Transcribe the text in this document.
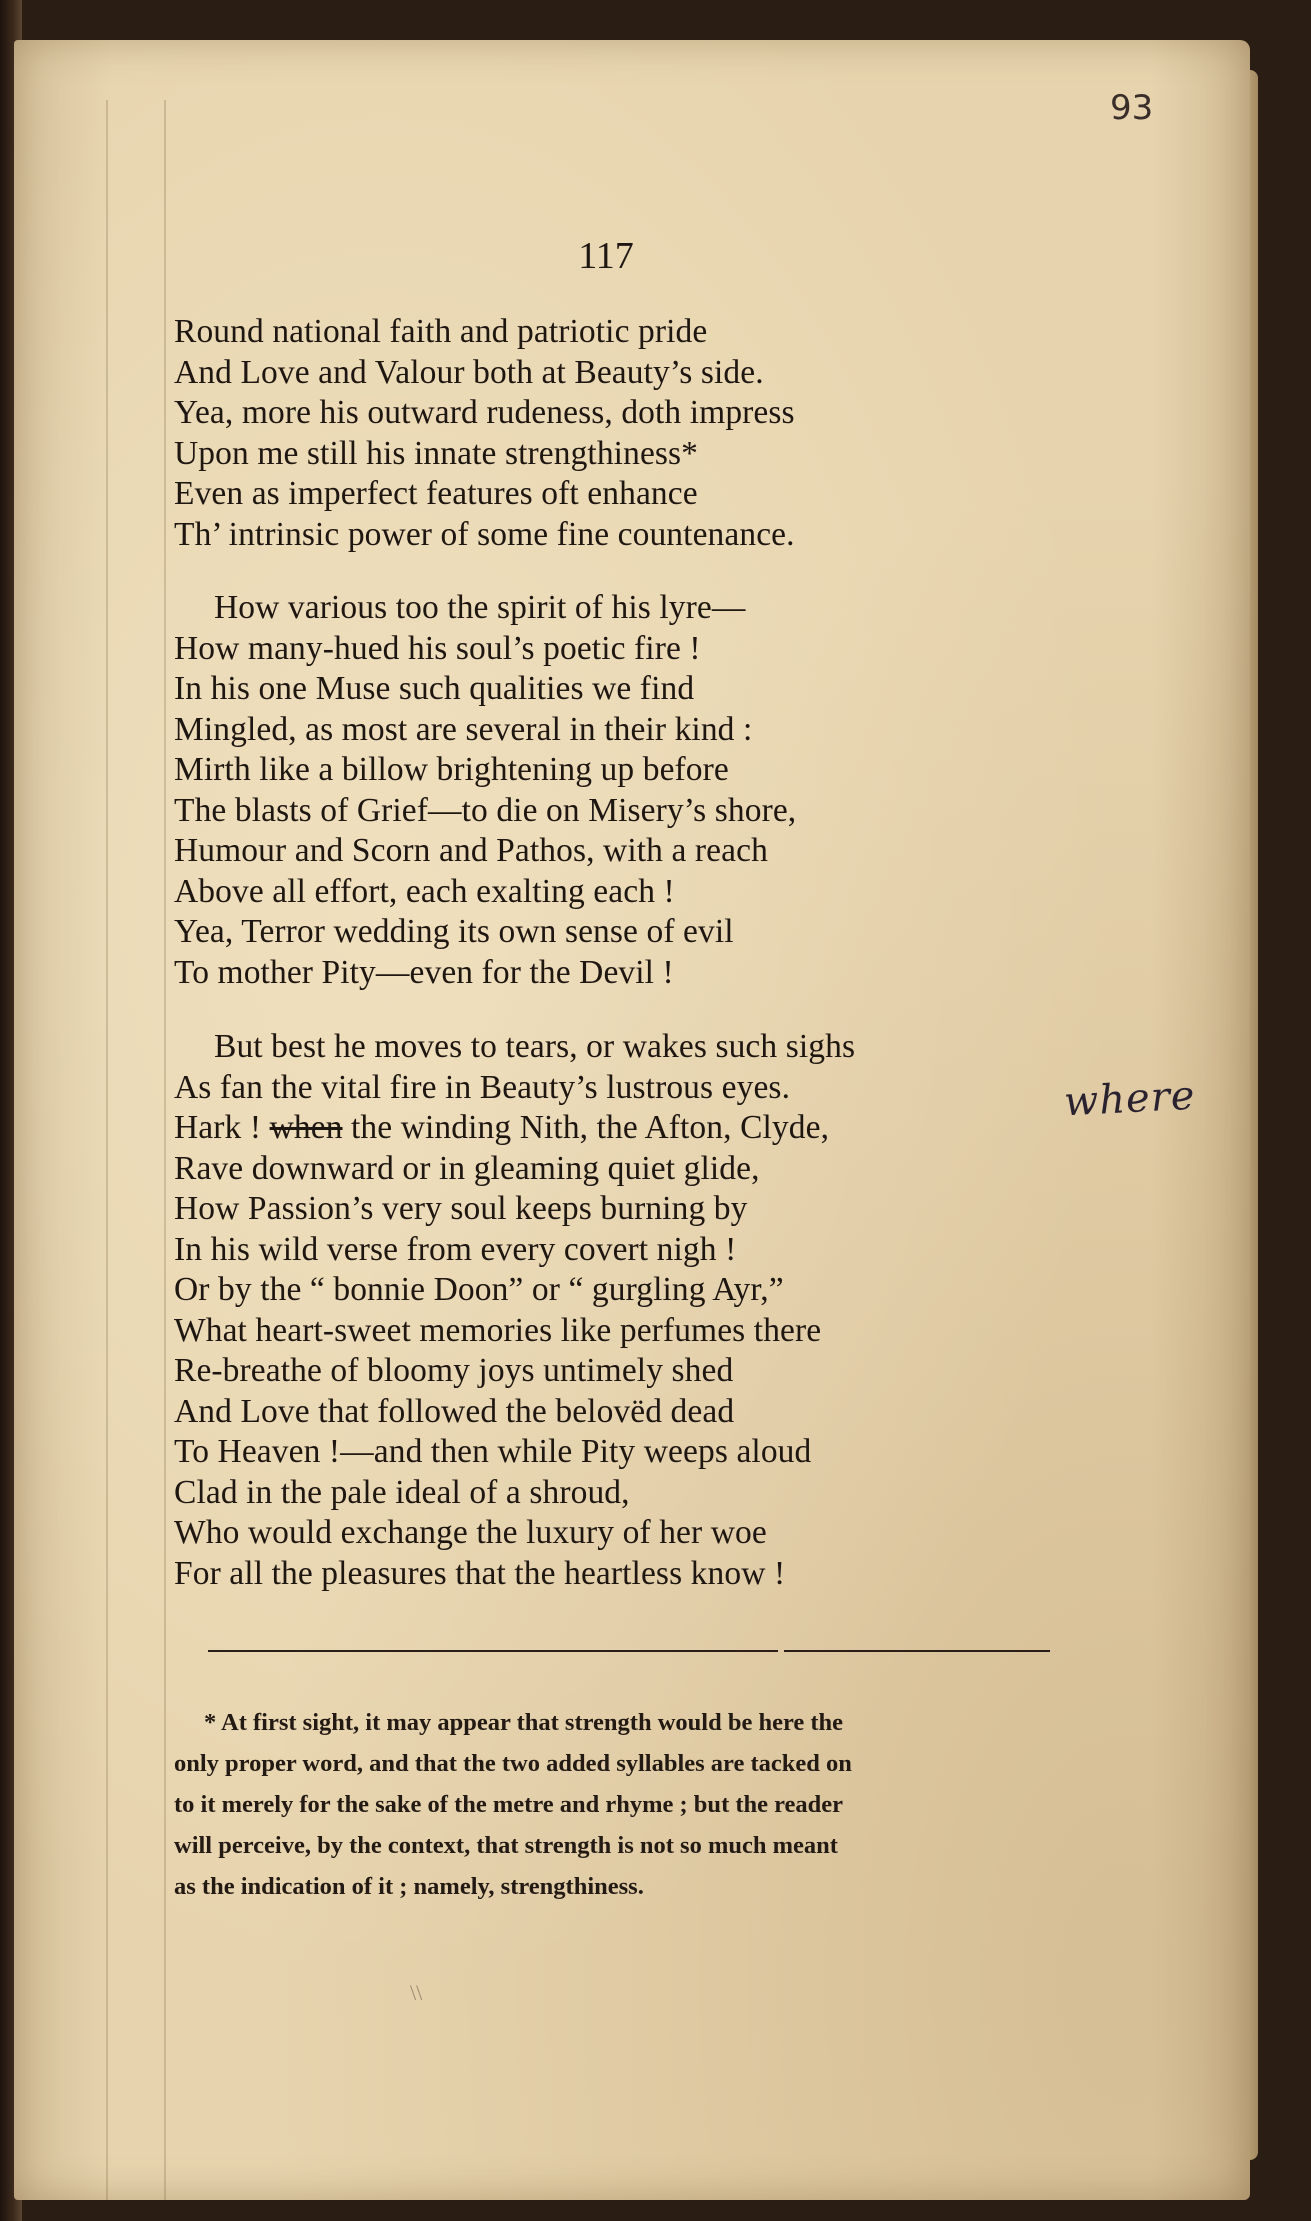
93
117
Round national faith and patriotic pride
And Love and Valour both at Beauty’s side.
Yea, more his outward rudeness, doth impress
Upon me still his innate strengthiness*
Even as imperfect features oft enhance
Th’ intrinsic power of some fine countenance.
How various too the spirit of his lyre—
How many-hued his soul’s poetic fire !
In his one Muse such qualities we find
Mingled, as most are several in their kind :
Mirth like a billow brightening up before
The blasts of Grief—to die on Misery’s shore,
Humour and Scorn and Pathos, with a reach
Above all effort, each exalting each !
Yea, Terror wedding its own sense of evil
To mother Pity—even for the Devil !
But best he moves to tears, or wakes such sighs
As fan the vital fire in Beauty’s lustrous eyes.
Hark ! when the winding Nith, the Afton, Clyde,
Rave downward or in gleaming quiet glide,
How Passion’s very soul keeps burning by
In his wild verse from every covert nigh !
Or by the “ bonnie Doon” or “ gurgling Ayr,”
What heart-sweet memories like perfumes there
Re-breathe of bloomy joys untimely shed
And Love that followed the belovëd dead
To Heaven !—and then while Pity weeps aloud
Clad in the pale ideal of a shroud,
Who would exchange the luxury of her woe
For all the pleasures that the heartless know !
where
* At first sight, it may appear that strength would be here the
only proper word, and that the two added syllables are tacked on
to it merely for the sake of the metre and rhyme ; but the reader
will perceive, by the context, that strength is not so much meant
as the indication of it ; namely, strengthiness.
\\
